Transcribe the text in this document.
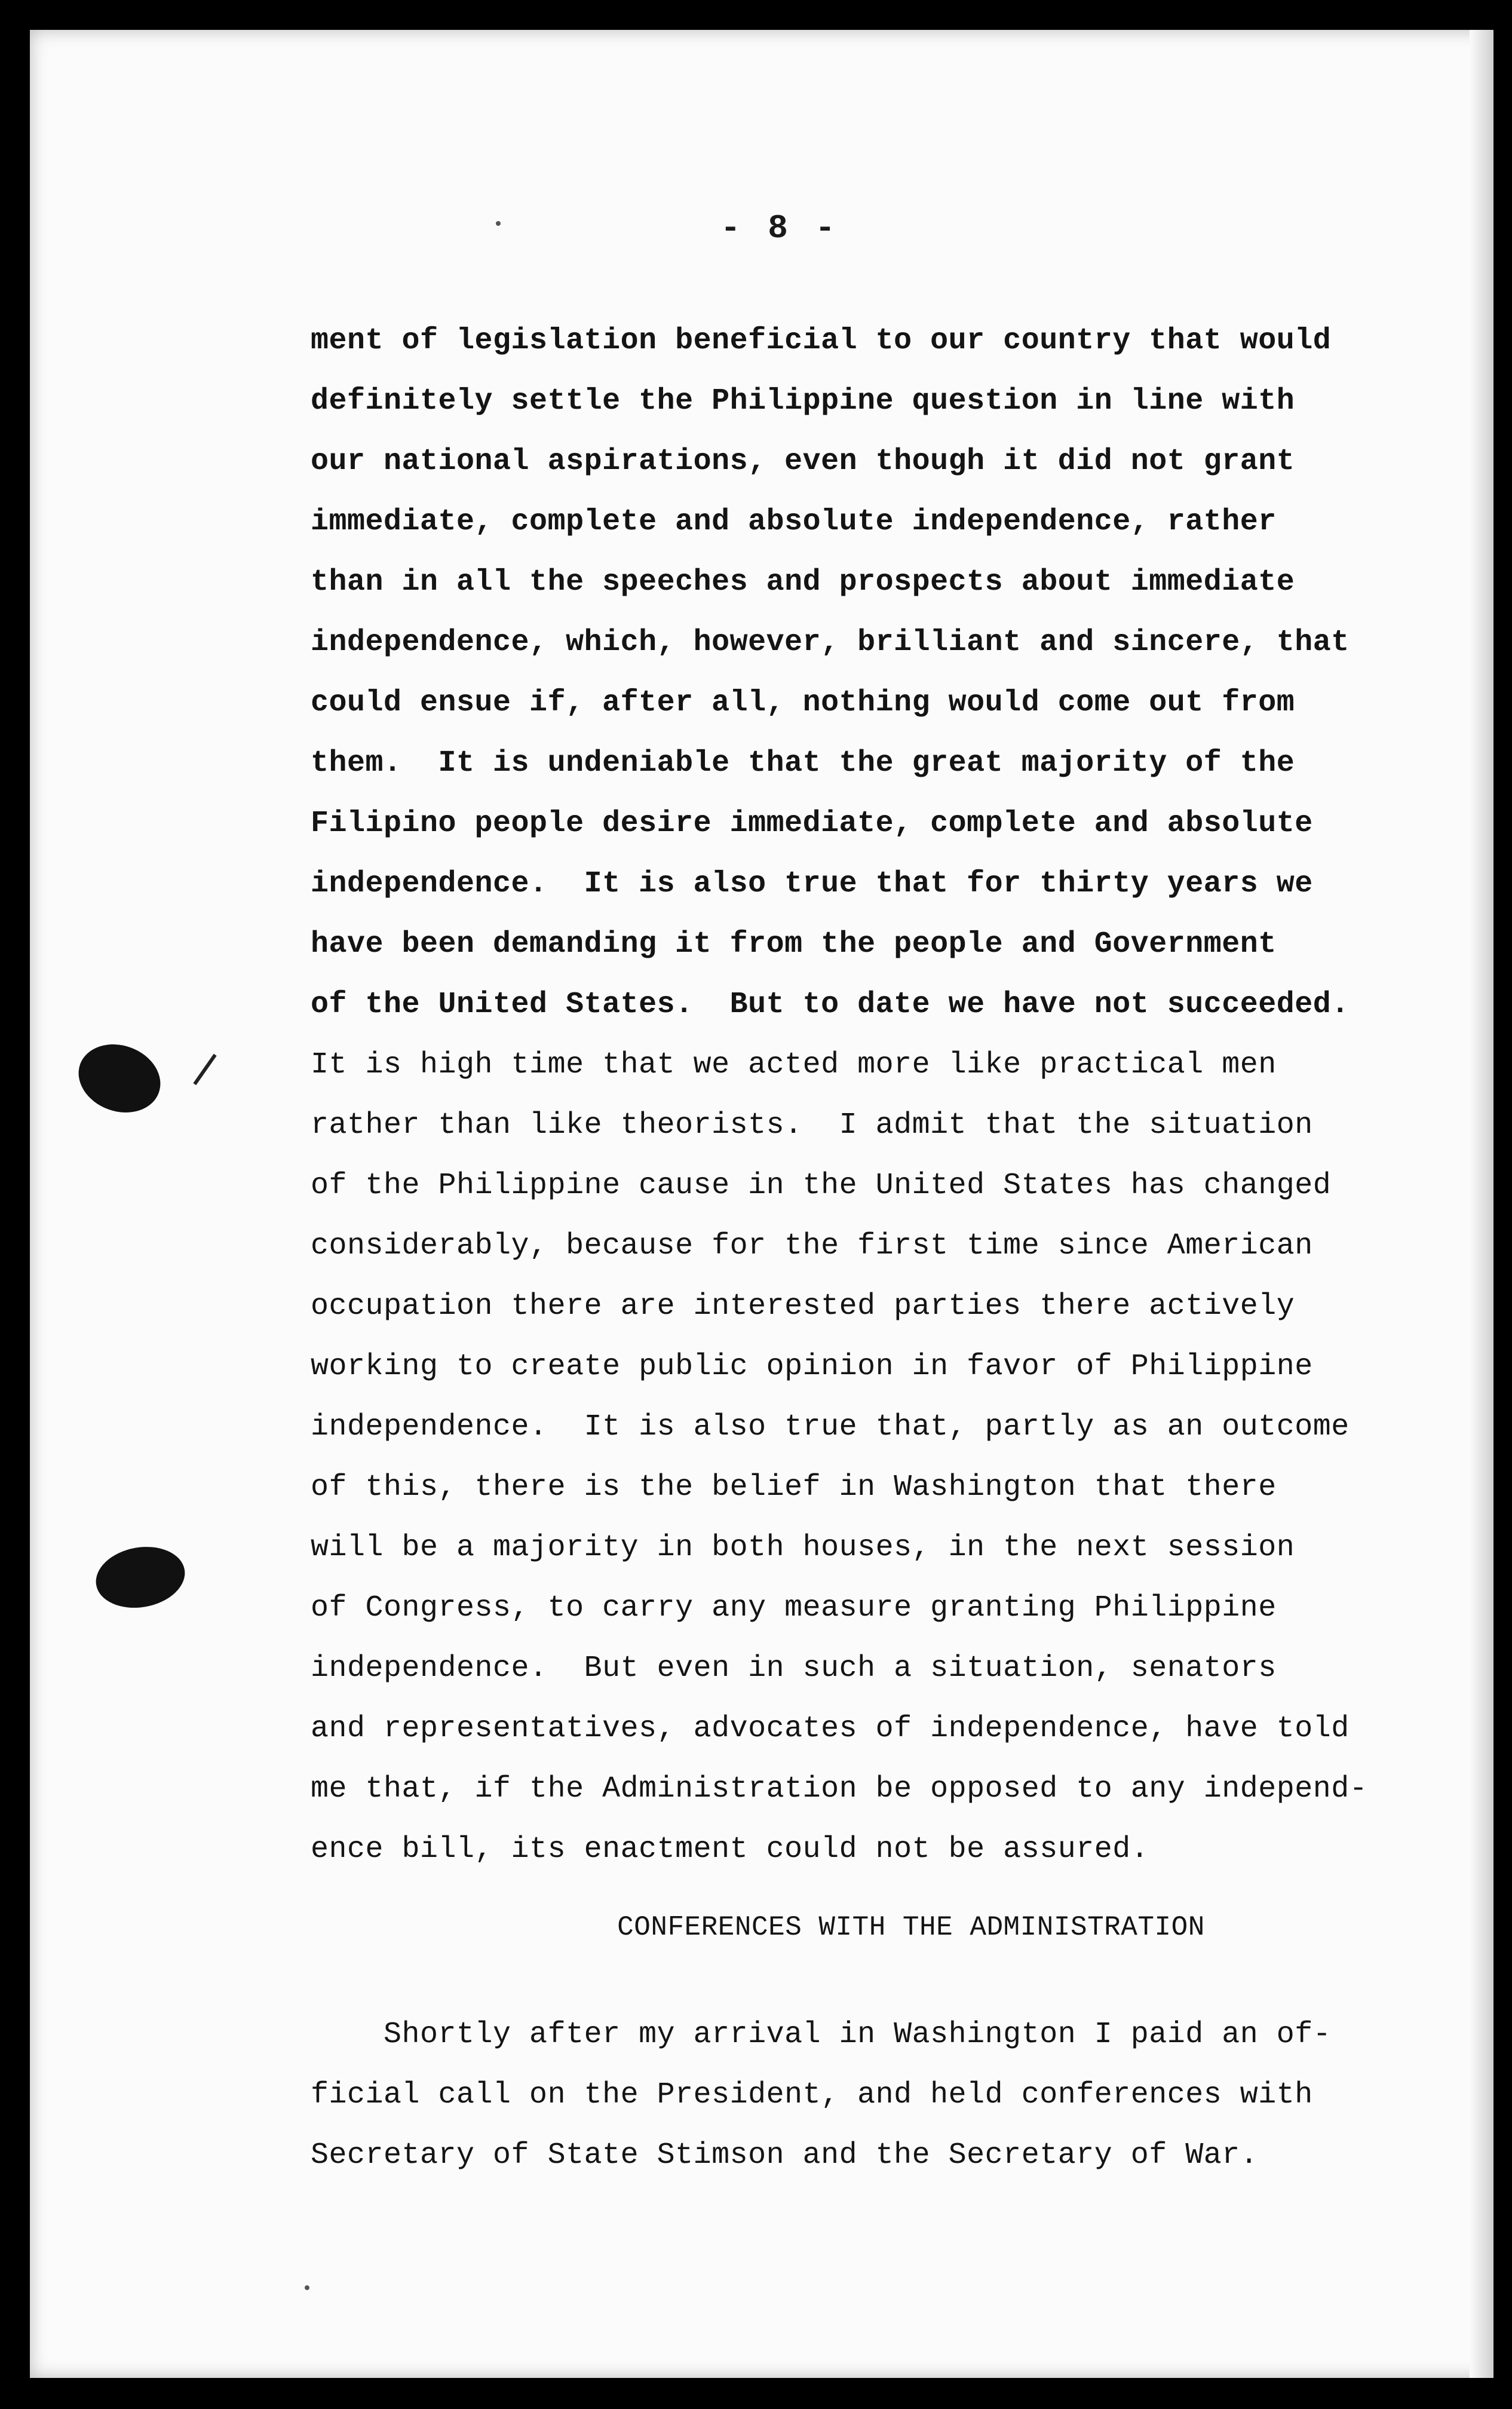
- 8 -
ment of legislation beneficial to our country that would
definitely settle the Philippine question in line with
our national aspirations, even though it did not grant
immediate, complete and absolute independence, rather
than in all the speeches and prospects about immediate
independence, which, however, brilliant and sincere, that
could ensue if, after all, nothing would come out from
them.  It is undeniable that the great majority of the
Filipino people desire immediate, complete and absolute
independence.  It is also true that for thirty years we
have been demanding it from the people and Government
of the United States.  But to date we have not succeeded.
It is high time that we acted more like practical men
rather than like theorists.  I admit that the situation
of the Philippine cause in the United States has changed
considerably, because for the first time since American
occupation there are interested parties there actively
working to create public opinion in favor of Philippine
independence.  It is also true that, partly as an outcome
of this, there is the belief in Washington that there
will be a majority in both houses, in the next session
of Congress, to carry any measure granting Philippine
independence.  But even in such a situation, senators
and representatives, advocates of independence, have told
me that, if the Administration be opposed to any independ-
ence bill, its enactment could not be assured.
CONFERENCES WITH THE ADMINISTRATION
Shortly after my arrival in Washington I paid an of-
ficial call on the President, and held conferences with
Secretary of State Stimson and the Secretary of War.
